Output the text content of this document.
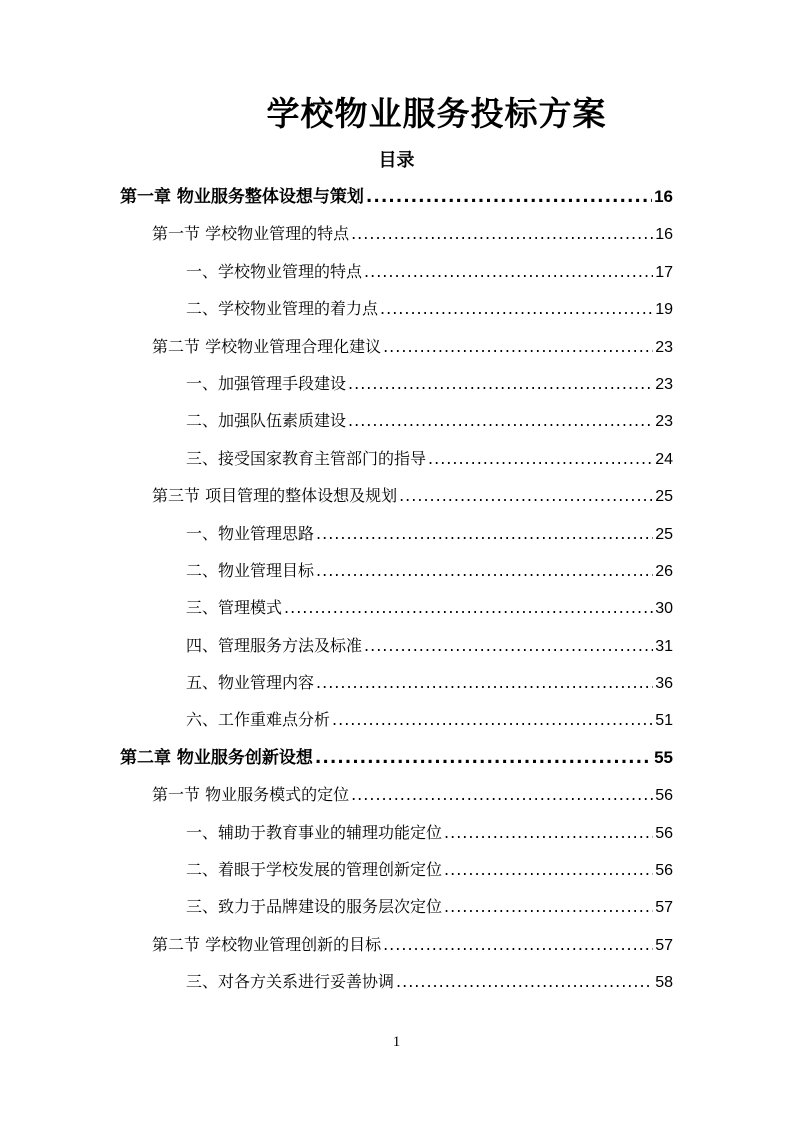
学校物业服务投标方案
目录
第一章 物业服务整体设想与策划 .....	16
第一节 学校物业管理的特点 .....	16
一、学校物业管理的特点 .....	17
二、学校物业管理的着力点 .....	19
第二节 学校物业管理合理化建议 .....	23
一、加强管理手段建设 .....	23
二、加强队伍素质建设 .....	23
三、接受国家教育主管部门的指导 .....	24
第三节 项目管理的整体设想及规划 .....	25
一、物业管理思路 .....	25
二、物业管理目标 .....	26
三、管理模式 .....	30
四、管理服务方法及标准 .....	31
五、物业管理内容 .....	36
六、工作重难点分析 .....	51
第二章 物业服务创新设想 .....	55
第一节 物业服务模式的定位 .....	56
一、辅助于教育事业的辅理功能定位 .....	56
二、着眼于学校发展的管理创新定位 .....	56
三、致力于品牌建设的服务层次定位 .....	57
第二节 学校物业管理创新的目标 .....	57
三、对各方关系进行妥善协调 .....	58
1
